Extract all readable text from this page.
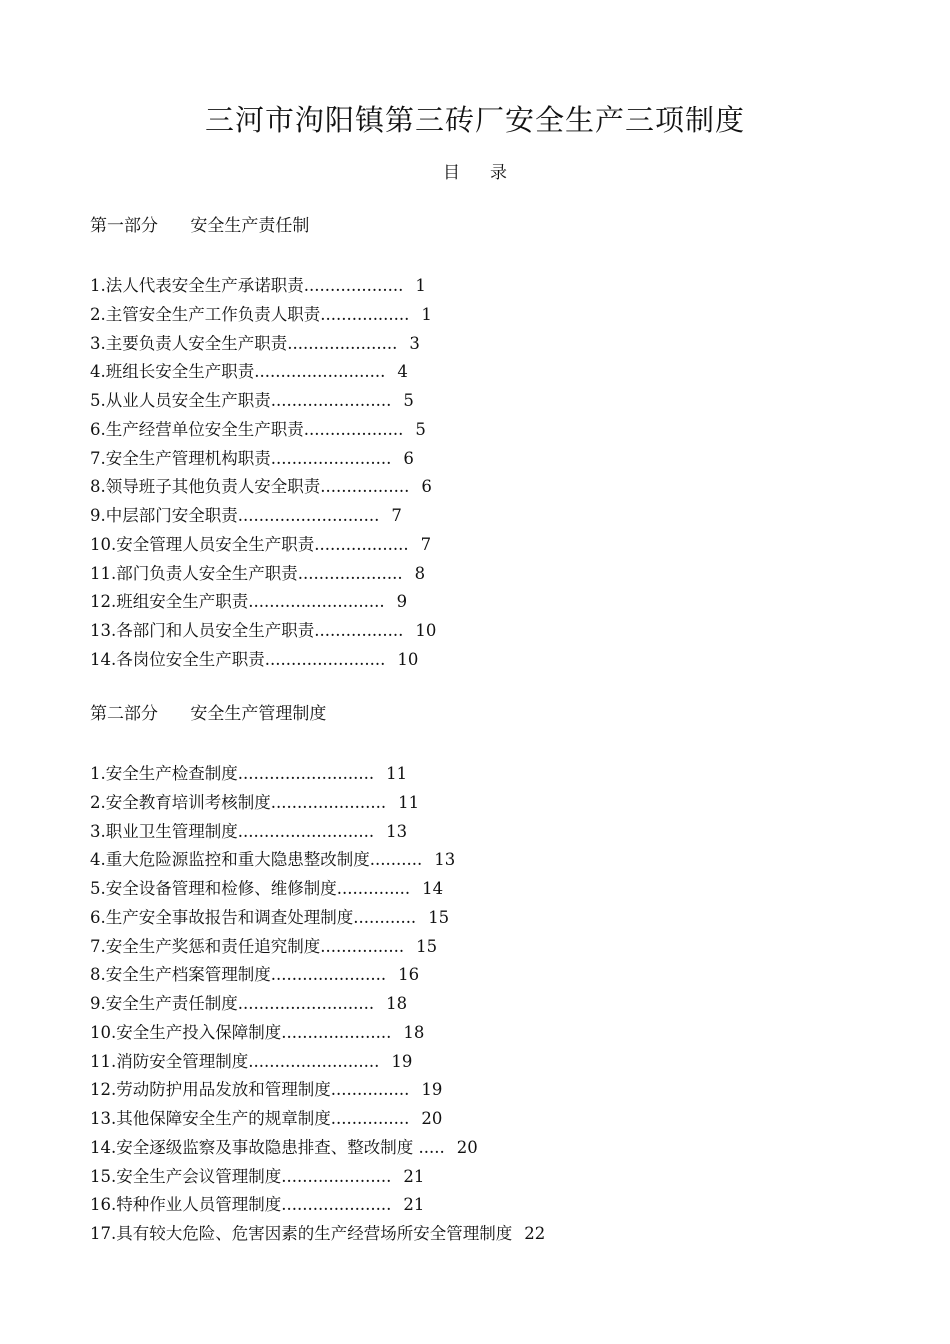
三河市泃阳镇第三砖厂安全生产三项制度
目录
第一部分      安全生产责任制
1.法人代表安全生产承诺职责................... 1
2.主管安全生产工作负责人职责................. 1
3.主要负责人安全生产职责..................... 3
4.班组长安全生产职责......................... 4
5.从业人员安全生产职责....................... 5
6.生产经营单位安全生产职责................... 5
7.安全生产管理机构职责....................... 6
8.领导班子其他负责人安全职责................. 6
9.中层部门安全职责........................... 7
10.安全管理人员安全生产职责.................. 7
11.部门负责人安全生产职责.................... 8
12.班组安全生产职责.......................... 9
13.各部门和人员安全生产职责................. 10
14.各岗位安全生产职责....................... 10
第二部分      安全生产管理制度
1.安全生产检查制度.......................... 11
2.安全教育培训考核制度...................... 11
3.职业卫生管理制度.......................... 13
4.重大危险源监控和重大隐患整改制度.......... 13
5.安全设备管理和检修、维修制度.............. 14
6.生产安全事故报告和调查处理制度............ 15
7.安全生产奖惩和责任追究制度................ 15
8.安全生产档案管理制度...................... 16
9.安全生产责任制度.......................... 18
10.安全生产投入保障制度..................... 18
11.消防安全管理制度......................... 19
12.劳动防护用品发放和管理制度............... 19
13.其他保障安全生产的规章制度............... 20
14.安全逐级监察及事故隐患排查、整改制度 ..... 20
15.安全生产会议管理制度..................... 21
16.特种作业人员管理制度..................... 21
17.具有较大危险、危害因素的生产经营场所安全管理制度 22
